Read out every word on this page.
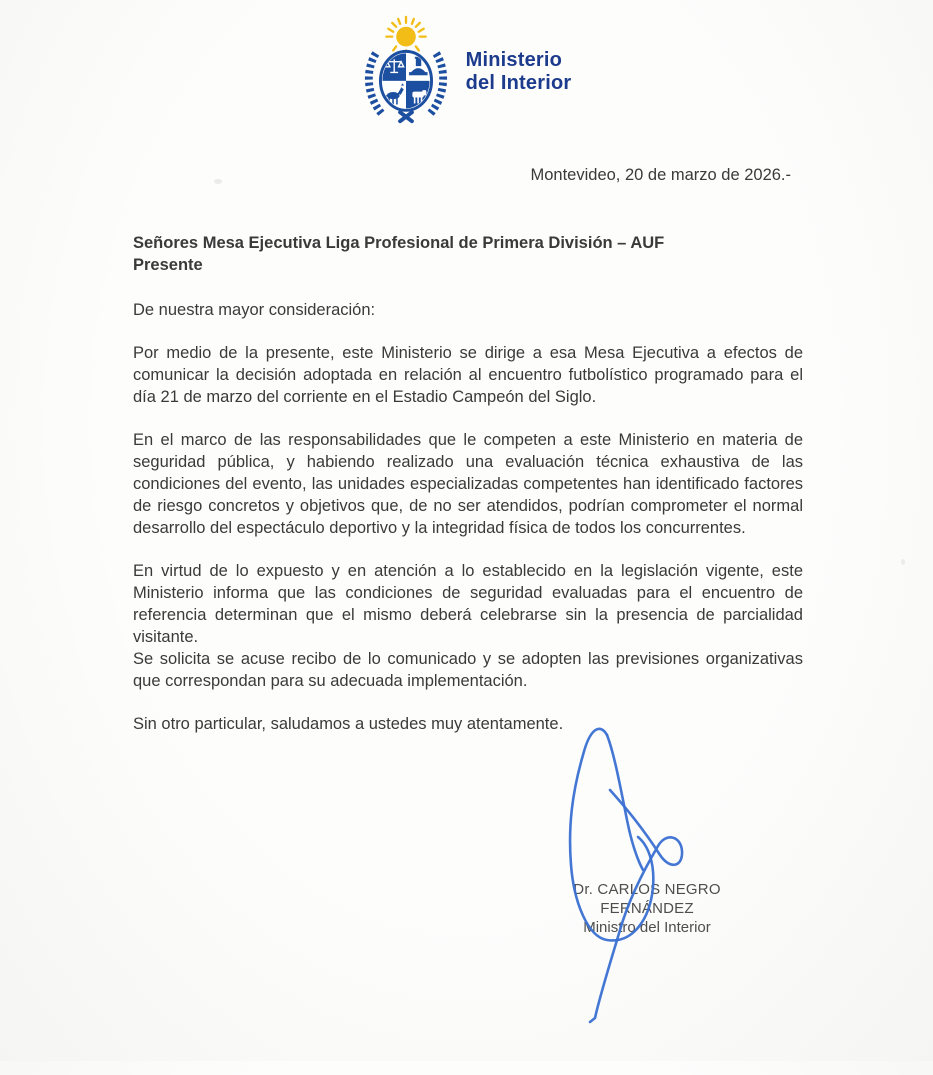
Ministerio
del Interior
Montevideo, 20 de marzo de 2026.-
Señores Mesa Ejecutiva Liga Profesional de Primera División – AUF
Presente
De nuestra mayor consideración:

Por medio de la presente, este Ministerio se dirige a esa Mesa Ejecutiva a efectos de comunicar la decisión adoptada en relación al encuentro futbolístico programado para el día 21 de marzo del corriente en el Estadio Campeón del Siglo.

En el marco de las responsabilidades que le competen a este Ministerio en materia de seguridad pública, y habiendo realizado una evaluación técnica exhaustiva de las condiciones del evento, las unidades especializadas competentes han identificado factores de riesgo concretos y objetivos que, de no ser atendidos, podrían comprometer el normal desarrollo del espectáculo deportivo y la integridad física de todos los concurrentes.

En virtud de lo expuesto y en atención a lo establecido en la legislación vigente, este Ministerio informa que las condiciones de seguridad evaluadas para el encuentro de referencia determinan que el mismo deberá celebrarse sin la presencia de parcialidad visitante.

Se solicita se acuse recibo de lo comunicado y se adopten las previsiones organizativas que correspondan para su adecuada implementación.

Sin otro particular, saludamos a ustedes muy atentamente.

Dr. CARLOS NEGRO FERNÁNDEZ
Ministro del Interior
